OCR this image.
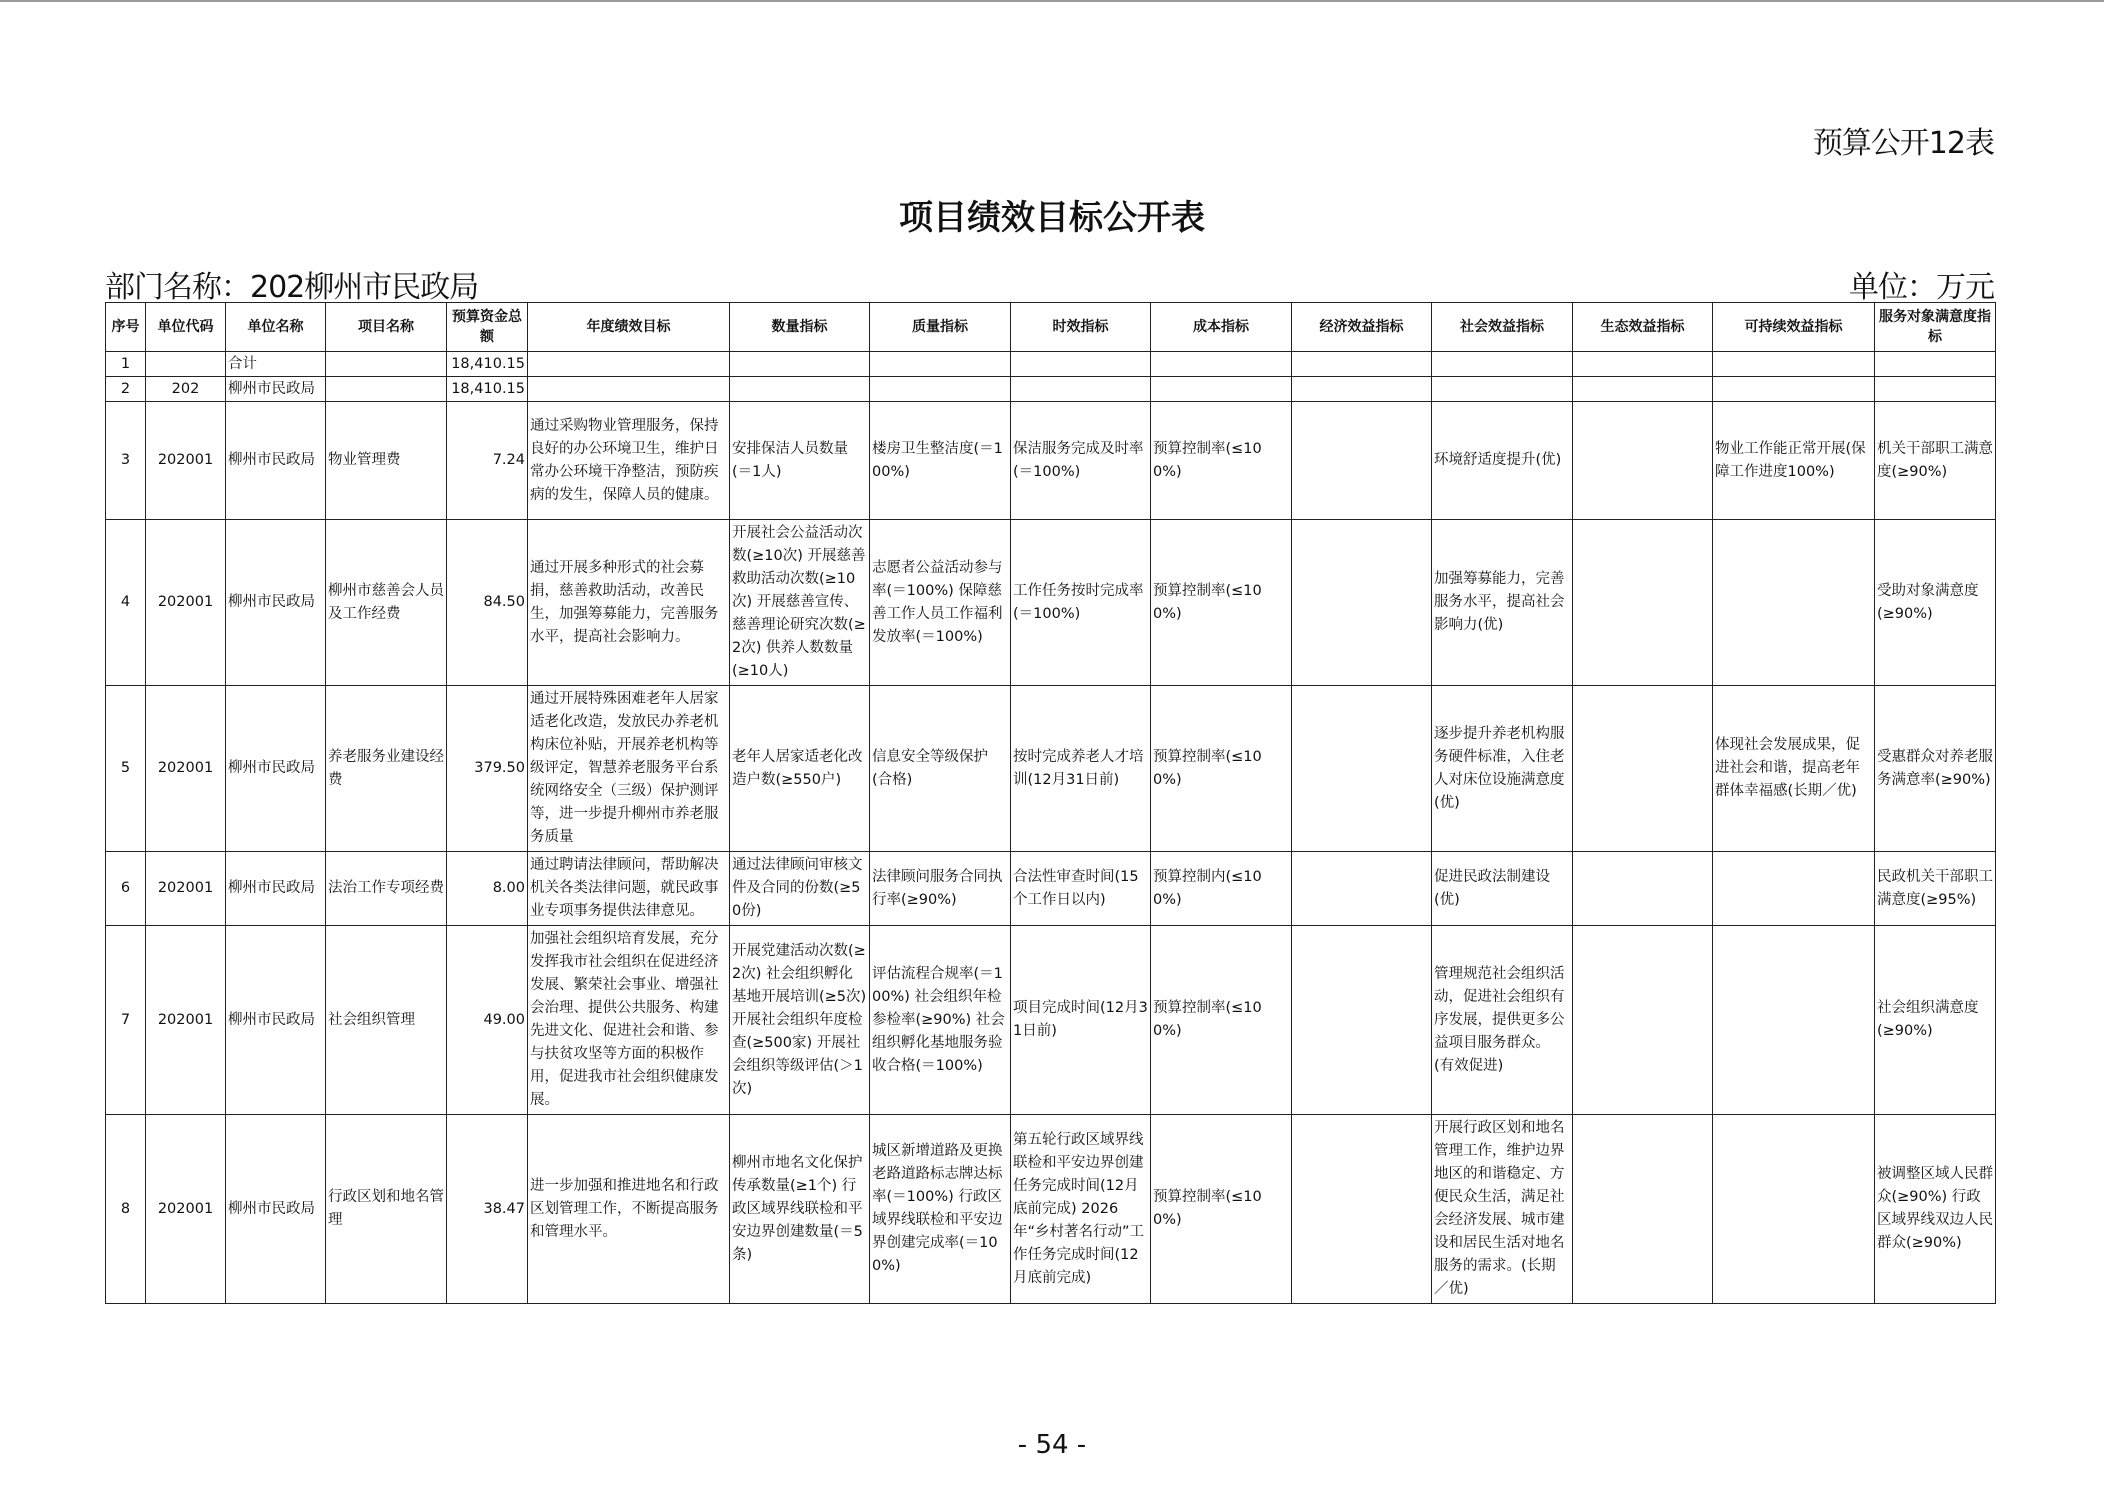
预算公开12表
项目绩效目标公开表
部门名称：202柳州市民政局	单位：万元
序号	单位代码	单位名称	项目名称	预算资金总额	年度绩效目标	数量指标	质量指标	时效指标	成本指标	经济效益指标	社会效益指标	生态效益指标	可持续效益指标	服务对象满意度指标
1		合计		18,410.15										
2	202	柳州市民政局		18,410.15										
3	202001	柳州市民政局	物业管理费	7.24	通过采购物业管理服务，保持良好的办公环境卫生，维护日常办公环境干净整洁，预防疾病的发生，保障人员的健康。	安排保洁人员数量(＝1人)	楼房卫生整洁度(＝100%)	保洁服务完成及时率(＝100%)	预算控制率(≤100%)		环境舒适度提升(优)		物业工作能正常开展(保障工作进度100%)	机关干部职工满意度(≥90%)
4	202001	柳州市民政局	柳州市慈善会人员及工作经费	84.50	通过开展多种形式的社会募捐，慈善救助活动，改善民生，加强筹募能力，完善服务水平，提高社会影响力。	开展社会公益活动次数(≥10次) 开展慈善救助活动次数(≥10次) 开展慈善宣传、慈善理论研究次数(≥2次) 供养人数数量(≥10人)	志愿者公益活动参与率(＝100%) 保障慈善工作人员工作福利发放率(＝100%)	工作任务按时完成率(＝100%)	预算控制率(≤100%)		加强筹募能力，完善服务水平，提高社会影响力(优)			受助对象满意度(≥90%)
5	202001	柳州市民政局	养老服务业建设经费	379.50	通过开展特殊困难老年人居家适老化改造，发放民办养老机构床位补贴，开展养老机构等级评定，智慧养老服务平台系统网络安全（三级）保护测评等，进一步提升柳州市养老服务质量	老年人居家适老化改造户数(≥550户)	信息安全等级保护(合格)	按时完成养老人才培训(12月31日前)	预算控制率(≤100%)		逐步提升养老机构服务硬件标准，入住老人对床位设施满意度(优)		体现社会发展成果，促进社会和谐，提高老年群体幸福感(长期／优)	受惠群众对养老服务满意率(≥90%)
6	202001	柳州市民政局	法治工作专项经费	8.00	通过聘请法律顾问，帮助解决机关各类法律问题，就民政事业专项事务提供法律意见。	通过法律顾问审核文件及合同的份数(≥50份)	法律顾问服务合同执行率(≥90%)	合法性审查时间(15个工作日以内)	预算控制内(≤100%)		促进民政法制建设(优)			民政机关干部职工满意度(≥95%)
7	202001	柳州市民政局	社会组织管理	49.00	加强社会组织培育发展，充分发挥我市社会组织在促进经济发展、繁荣社会事业、增强社会治理、提供公共服务、构建先进文化、促进社会和谐、参与扶贫攻坚等方面的积极作用，促进我市社会组织健康发展。	开展党建活动次数(≥2次) 社会组织孵化基地开展培训(≥5次) 开展社会组织年度检查(≥500家) 开展社会组织等级评估(＞1次)	评估流程合规率(＝100%) 社会组织年检参检率(≥90%) 社会组织孵化基地服务验收合格(＝100%)	项目完成时间(12月31日前)	预算控制率(≤100%)		管理规范社会组织活动，促进社会组织有序发展，提供更多公益项目服务群众。(有效促进)			社会组织满意度(≥90%)
8	202001	柳州市民政局	行政区划和地名管理	38.47	进一步加强和推进地名和行政区划管理工作，不断提高服务和管理水平。	柳州市地名文化保护传承数量(≥1个) 行政区域界线联检和平安边界创建数量(＝5条)	城区新增道路及更换老路道路标志牌达标率(＝100%) 行政区域界线联检和平安边界创建完成率(＝100%)	第五轮行政区域界线联检和平安边界创建任务完成时间(12月底前完成) 2026年“乡村著名行动”工作任务完成时间(12月底前完成)	预算控制率(≤100%)		开展行政区划和地名管理工作，维护边界地区的和谐稳定、方便民众生活，满足社会经济发展、城市建设和居民生活对地名服务的需求。(长期／优)			被调整区域人民群众(≥90%) 行政区域界线双边人民群众(≥90%)
- 54 -
